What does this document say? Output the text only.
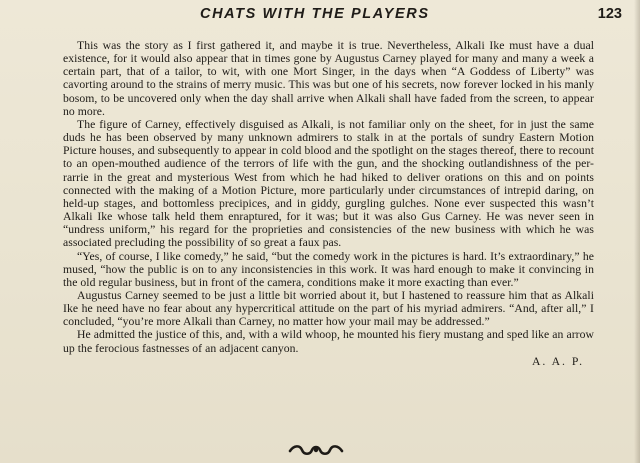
CHATS WITH THE PLAYERS	123

This was the story as I first gathered it, and maybe it is true. Nevertheless, Alkali Ike must have a dual existence, for it would also appear that in times gone by Augustus Carney played for many and many a week a certain part, that of a tailor, to wit, with one Mort Singer, in the days when “A Goddess of Liberty” was cavorting around to the strains of merry music. This was but one of his secrets, now forever locked in his manly bosom, to be uncovered only when the day shall arrive when Alkali shall have faded from the screen, to appear no more.

The figure of Carney, effectively disguised as Alkali, is not familiar only on the sheet, for in just the same duds he has been observed by many unknown admirers to stalk in at the portals of sundry Eastern Motion Picture houses, and subsequently to appear in cold blood and the spotlight on the stages thereof, there to recount to an open-mouthed audience of the terrors of life with the gun, and the shocking outlandishness of the per-rarrie in the great and mysterious West from which he had hiked to deliver orations on this and on points connected with the making of a Motion Picture, more particularly under circumstances of intrepid daring, on held-up stages, and bottomless precipices, and in giddy, gurgling gulches. None ever suspected this wasn’t Alkali Ike whose talk held them enraptured, for it was; but it was also Gus Carney. He was never seen in “undress uniform,” his regard for the proprieties and consistencies of the new business with which he was associated precluding the possibility of so great a faux pas.

“Yes, of course, I like comedy,” he said, “but the comedy work in the pictures is hard. It’s extraordinary,” he mused, “how the public is on to any inconsistencies in this work. It was hard enough to make it convincing in the old regular business, but in front of the camera, conditions make it more exacting than ever.”

Augustus Carney seemed to be just a little bit worried about it, but I hastened to reassure him that as Alkali Ike he need have no fear about any hypercritical attitude on the part of his myriad admirers. “And, after all,” I concluded, “you’re more Alkali than Carney, no matter how your mail may be addressed.”

He admitted the justice of this, and, with a wild whoop, he mounted his fiery mustang and sped like an arrow up the ferocious fastnesses of an adjacent canyon.

A. A. P.
